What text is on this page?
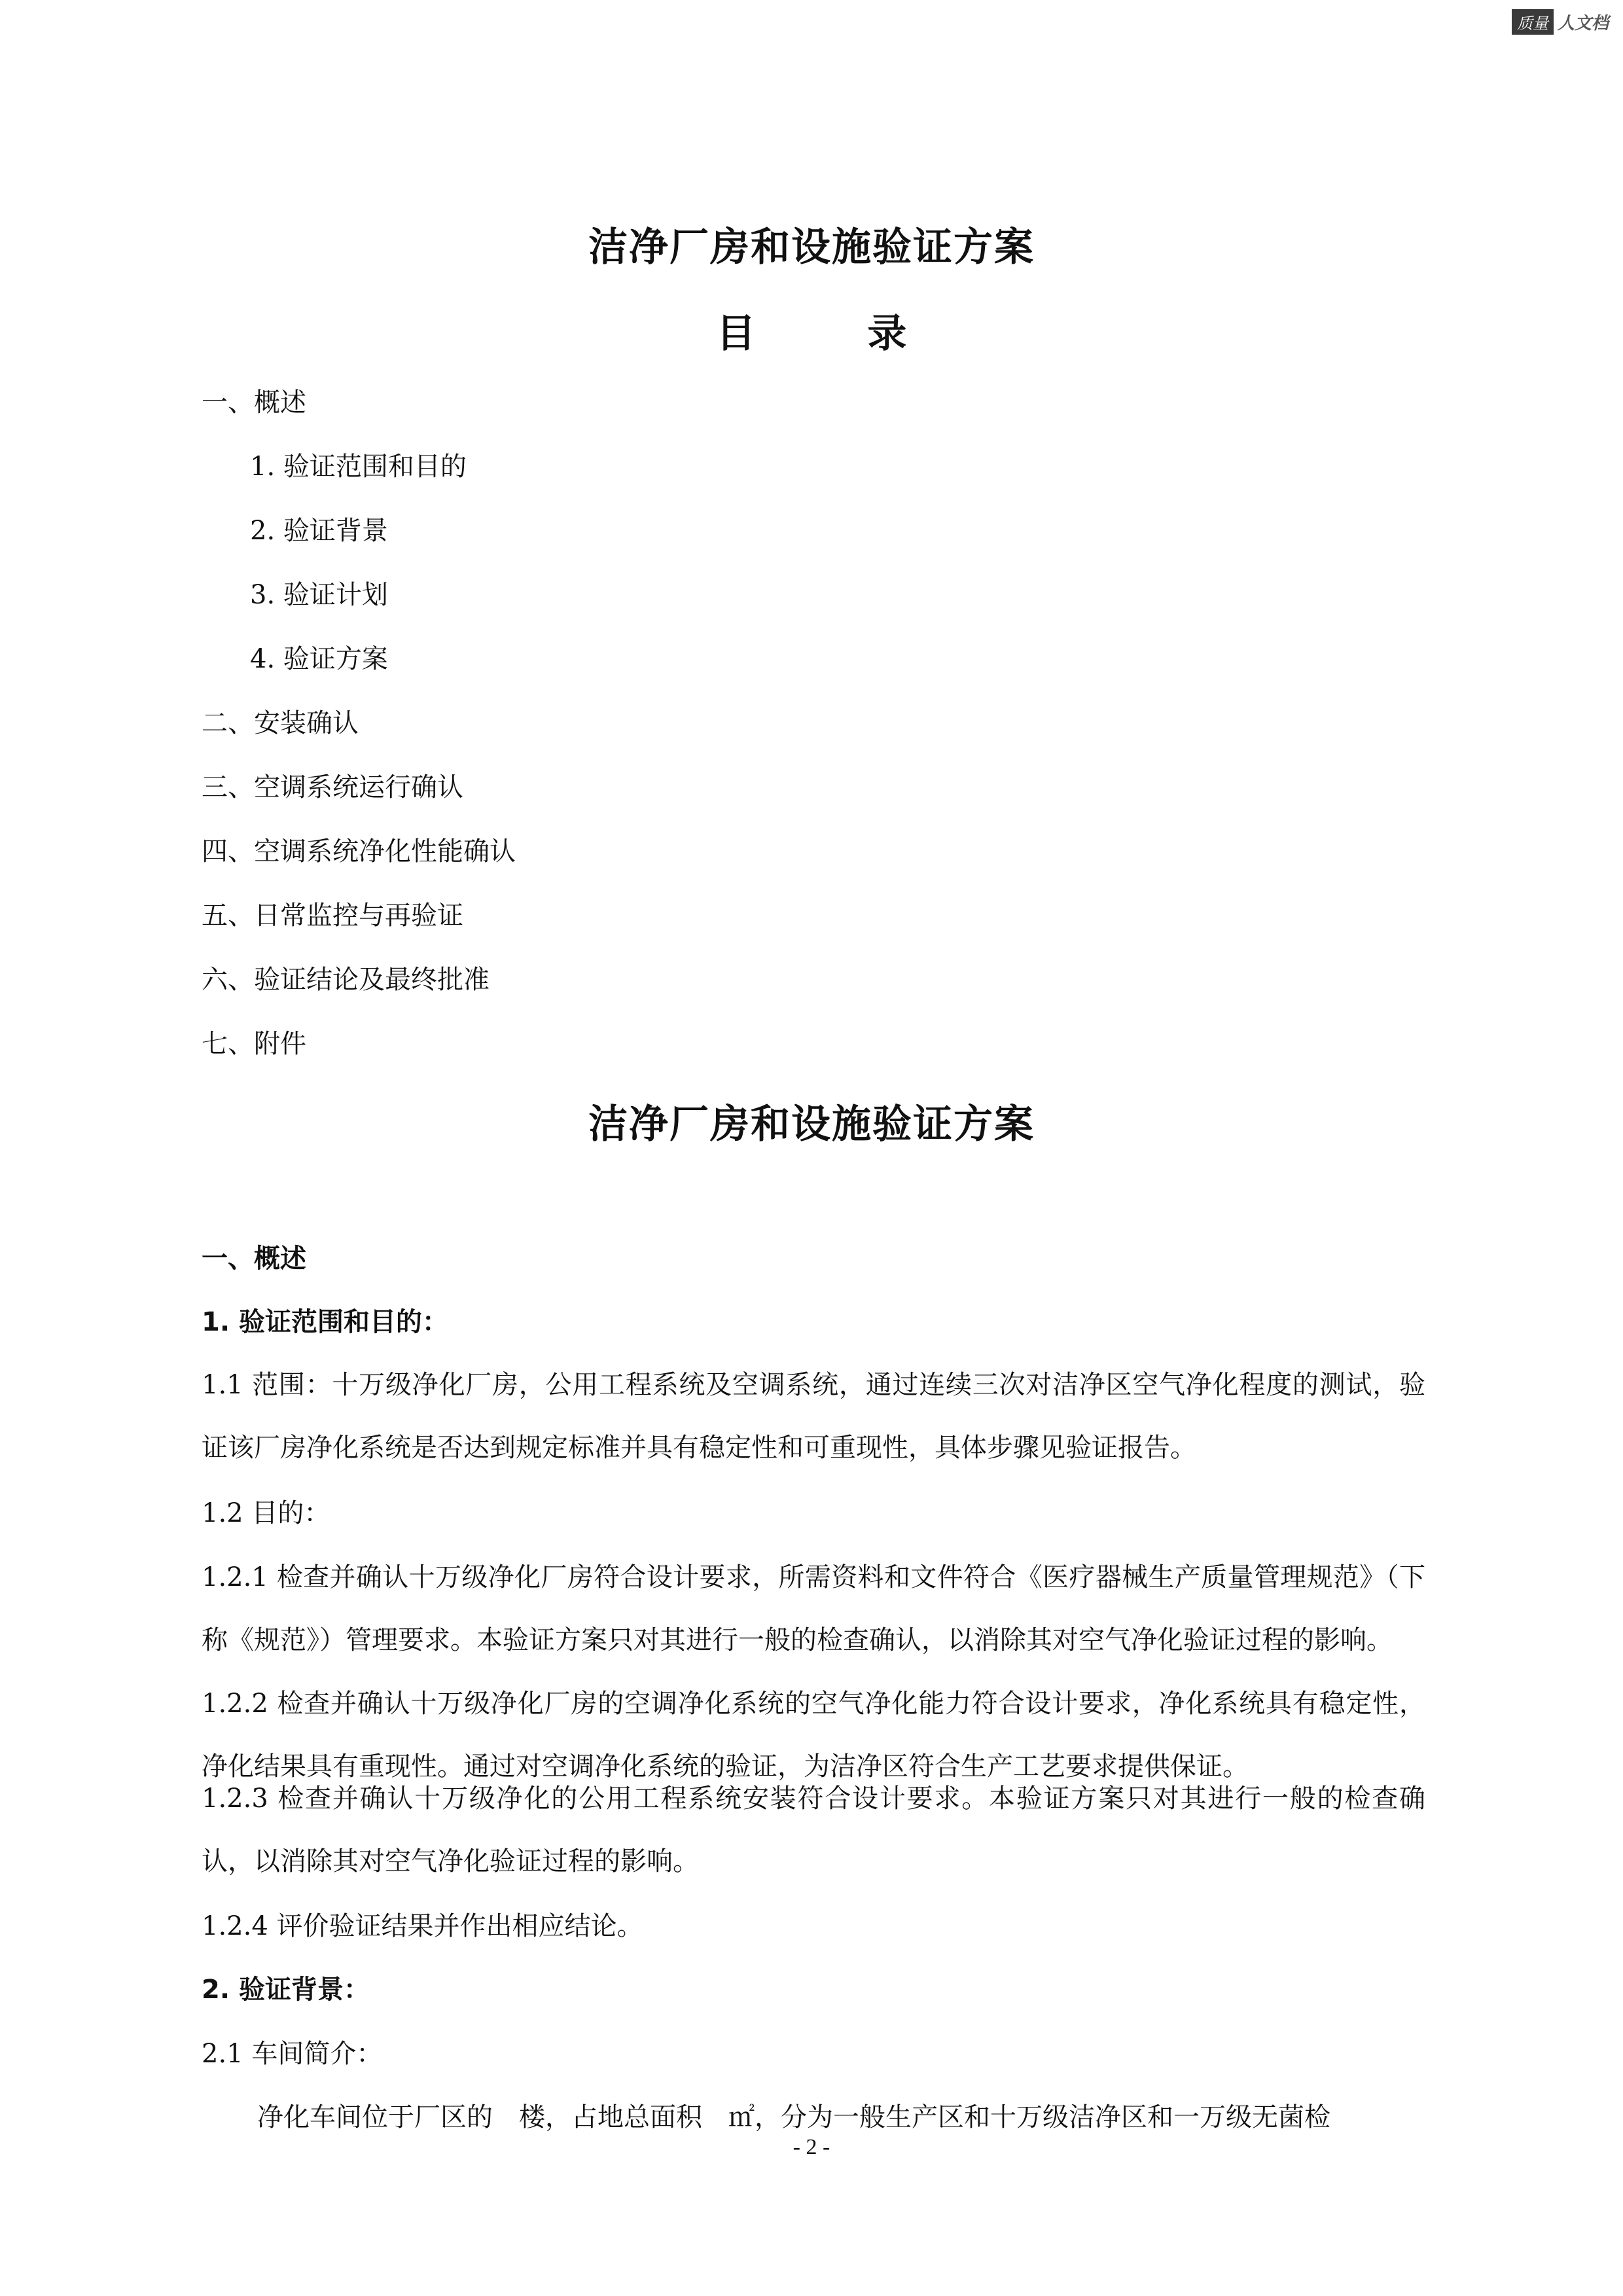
质量 人文档
洁净厂房和设施验证方案
目 录
一、概述
1. 验证范围和目的
2. 验证背景
3. 验证计划
4. 验证方案
二、安装确认
三、空调系统运行确认
四、空调系统净化性能确认
五、日常监控与再验证
六、验证结论及最终批准
七、附件
洁净厂房和设施验证方案
一、概述
1. 验证范围和目的：
1.1 范围：十万级净化厂房，公用工程系统及空调系统，通过连续三次对洁净区空气净化程度的测试，验证该厂房净化系统是否达到规定标准并具有稳定性和可重现性，具体步骤见验证报告。
1.2 目的：
1.2.1 检查并确认十万级净化厂房符合设计要求，所需资料和文件符合《医疗器械生产质量管理规范》（下称《规范》）管理要求。本验证方案只对其进行一般的检查确认，以消除其对空气净化验证过程的影响。
1.2.2 检查并确认十万级净化厂房的空调净化系统的空气净化能力符合设计要求，净化系统具有稳定性，净化结果具有重现性。通过对空调净化系统的验证，为洁净区符合生产工艺要求提供保证。
1.2.3 检查并确认十万级净化的公用工程系统安装符合设计要求。本验证方案只对其进行一般的检查确认，以消除其对空气净化验证过程的影响。
1.2.4 评价验证结果并作出相应结论。
2. 验证背景：
2.1 车间简介：
净化车间位于厂区的　楼，占地总面积　㎡，分为一般生产区和十万级洁净区和一万级无菌检
- 2 -
